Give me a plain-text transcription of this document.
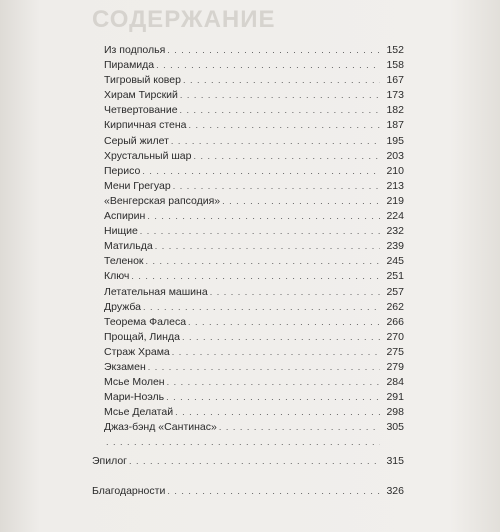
СОДЕРЖАНИЕ
Из подполья . . .	152
Пирамида . . .	158
Тигровый ковер . . .	167
Хирам Тирский . . .	173
Четвертование . . .	182
Кирпичная стена . . .	187
Серый жилет . . .	195
Хрустальный шар . . .	203
Перисо . . .	210
Мени Грегуар . . .	213
«Венгерская рапсодия» . . .	219
Аспирин . . .	224
Нищие . . .	232
Матильда . . .	239
Теленок . . .	245
Ключ . . .	251
Летательная машина . . .	257
Дружба . . .	262
Теорема Фалеса . . .	266
Прощай, Линда . . .	270
Страж Храма . . .	275
Экзамен . . .	279
Мсье Молен . . .	284
Мари-Ноэль . . .	291
Мсье Делатай . . .	298
Джаз-бэнд «Сантинас» . . .	305
. . .
Эпилог . . .	315
Благодарности . . .	326
